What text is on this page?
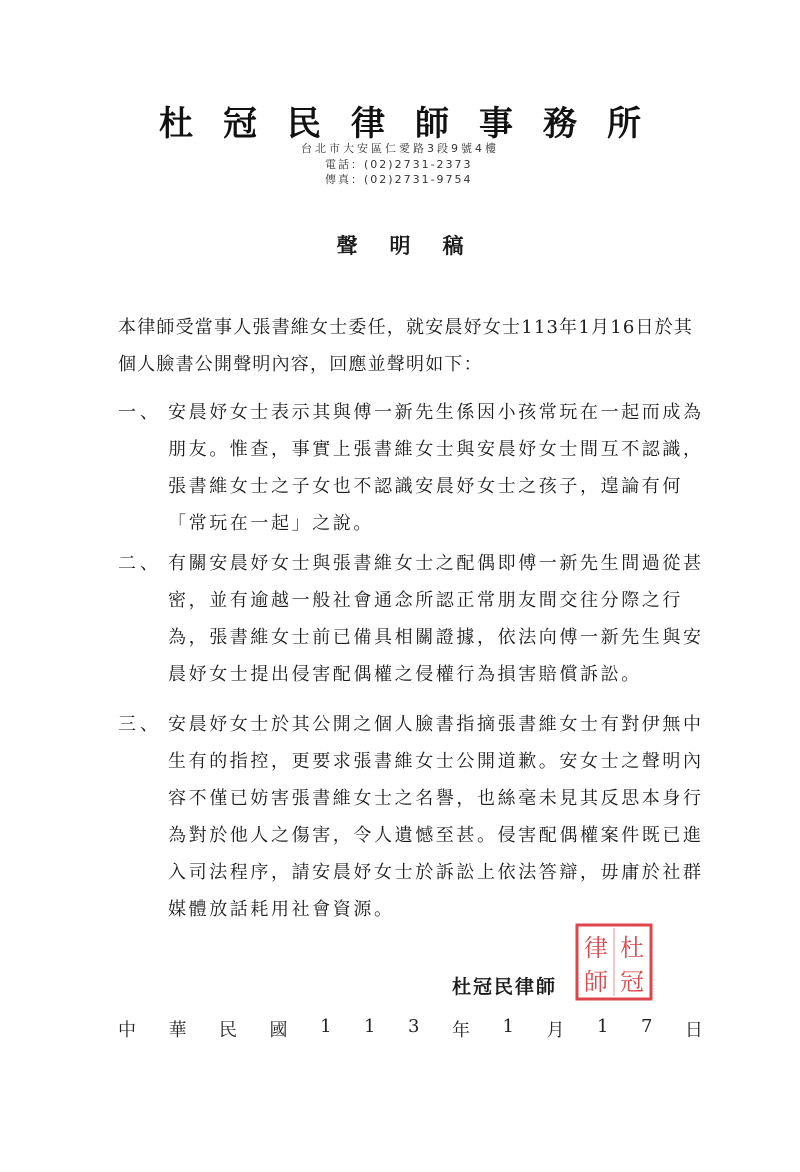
杜冠民律師事務所
台北市大安區仁愛路3段9號4樓
電話：(02)2731-2373
傳真：(02)2731-9754
聲明稿
本律師受當事人張書維女士委任，就安晨妤女士113年1月16日於其個人臉書公開聲明內容，回應並聲明如下：
一、 安晨妤女士表示其與傅一新先生係因小孩常玩在一起而成為朋友。惟查，事實上張書維女士與安晨妤女士間互不認識，張書維女士之子女也不認識安晨妤女士之孩子，遑論有何「常玩在一起」之說。
二、 有關安晨妤女士與張書維女士之配偶即傅一新先生間過從甚密，並有逾越一般社會通念所認正常朋友間交往分際之行為，張書維女士前已備具相關證據，依法向傅一新先生與安晨妤女士提出侵害配偶權之侵權行為損害賠償訴訟。
三、 安晨妤女士於其公開之個人臉書指摘張書維女士有對伊無中生有的指控，更要求張書維女士公開道歉。安女士之聲明內容不僅已妨害張書維女士之名譽，也絲毫未見其反思本身行為對於他人之傷害，令人遺憾至甚。侵害配偶權案件既已進入司法程序，請安晨妤女士於訴訟上依法答辯，毋庸於社群媒體放話耗用社會資源。
杜冠民律師
杜
冠
律
師
中 華 民 國 1 1 3 年 1 月 1 7 日
